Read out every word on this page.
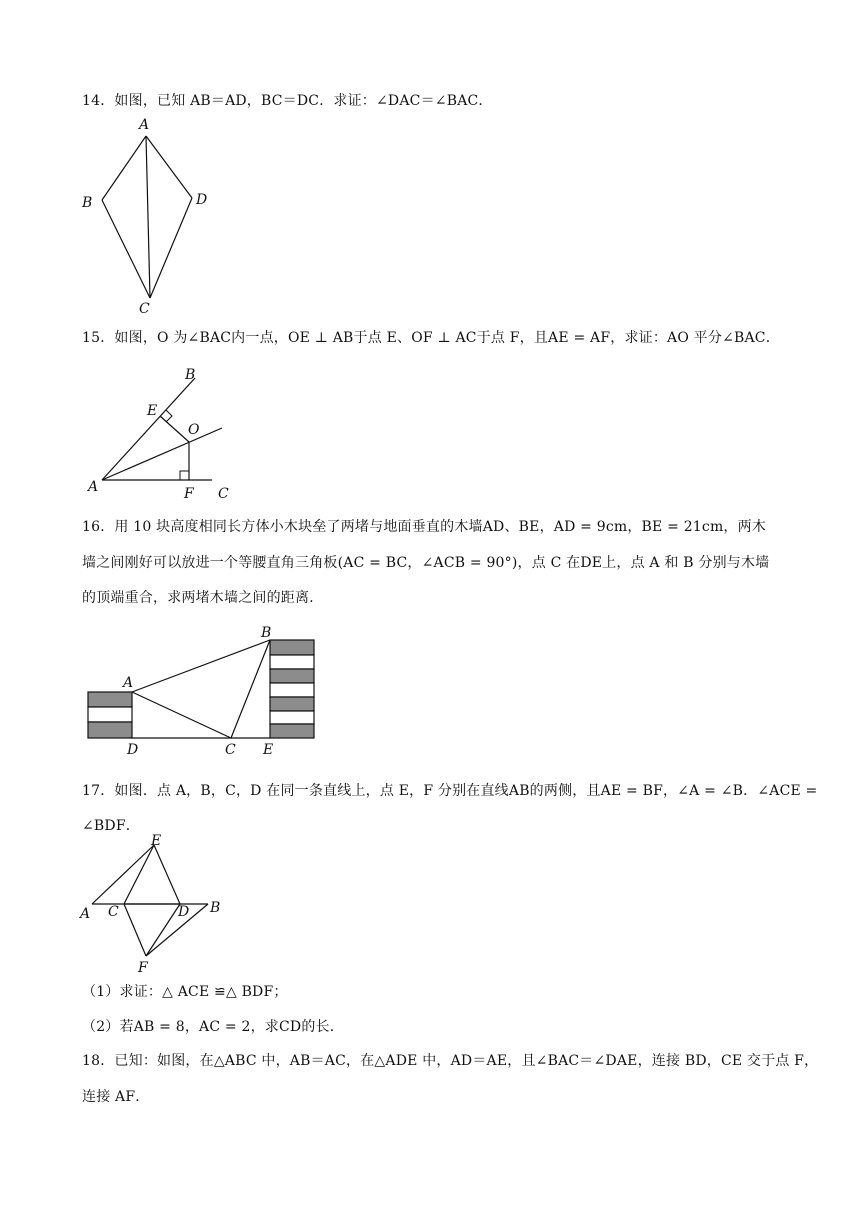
14．如图，已知 AB＝AD，BC＝DC．求证：∠DAC＝∠BAC．
A
B	D
C
15．如图，O 为∠BAC内一点，OE ⊥ AB于点 E、OF ⊥ AC于点 F，且AE = AF，求证：AO 平分∠BAC．
B
E
O
A	F C
16．用 10 块高度相同长方体小木块垒了两堵与地面垂直的木墙AD、BE，AD = 9cm，BE = 21cm，两木
墙之间刚好可以放进一个等腰直角三角板(AC = BC，∠ACB = 90°)，点 C 在DE上，点 A 和 B 分别与木墙
的顶端重合，求两堵木墙之间的距离．
A
B
D	C E
17．如图．点 A，B，C，D 在同一条直线上，点 E，F 分别在直线AB的两侧，且AE = BF，∠A = ∠B．∠ACE =
∠BDF．
E
A C	D B
F
（1）求证：△ ACE ≌△ BDF；
（2）若AB = 8，AC = 2，求CD的长．
18．已知：如图，在△ABC 中，AB＝AC，在△ADE 中，AD＝AE，且∠BAC＝∠DAE，连接 BD，CE 交于点 F，
连接 AF．
